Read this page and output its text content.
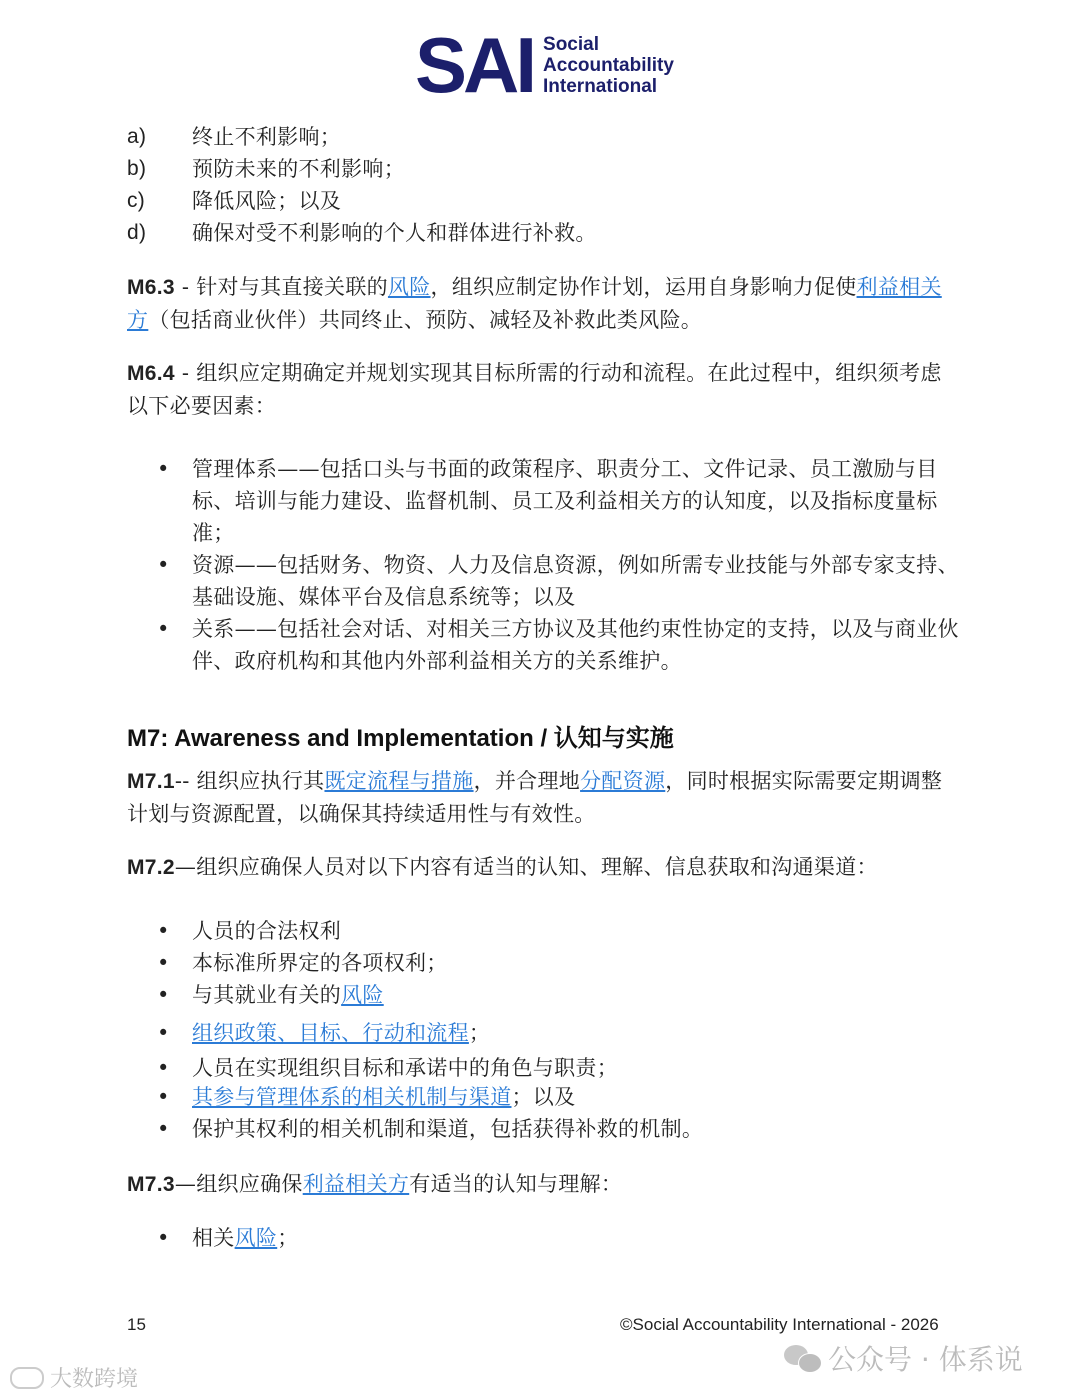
SAI Social
Accountability
International
a)	终止不利影响；
b)	预防未来的不利影响；
c)	降低风险；以及
d)	确保对受不利影响的个人和群体进行补救。
M6.3 - 针对与其直接关联的风险，组织应制定协作计划，运用自身影响力促使利益相关方（包括商业伙伴）共同终止、预防、减轻及补救此类风险。
M6.4 - 组织应定期确定并规划实现其目标所需的行动和流程。在此过程中，组织须考虑以下必要因素：
• 管理体系——包括口头与书面的政策程序、职责分工、文件记录、员工激励与目标、培训与能力建设、监督机制、员工及利益相关方的认知度，以及指标度量标准；
• 资源——包括财务、物资、人力及信息资源，例如所需专业技能与外部专家支持、基础设施、媒体平台及信息系统等；以及
• 关系——包括社会对话、对相关三方协议及其他约束性协定的支持，以及与商业伙伴、政府机构和其他内外部利益相关方的关系维护。
M7: Awareness and Implementation / 认知与实施
M7.1-- 组织应执行其既定流程与措施，并合理地分配资源，同时根据实际需要定期调整计划与资源配置，以确保其持续适用性与有效性。
M7.2—组织应确保人员对以下内容有适当的认知、理解、信息获取和沟通渠道：
• 人员的合法权利
• 本标准所界定的各项权利；
• 与其就业有关的风险
• 组织政策、目标、行动和流程；
• 人员在实现组织目标和承诺中的角色与职责；
• 其参与管理体系的相关机制与渠道；以及
• 保护其权利的相关机制和渠道，包括获得补救的机制。
M7.3—组织应确保利益相关方有适当的认知与理解：
• 相关风险；
15	©Social Accountability International - 2026
公众号 · 体系说
大数跨境
